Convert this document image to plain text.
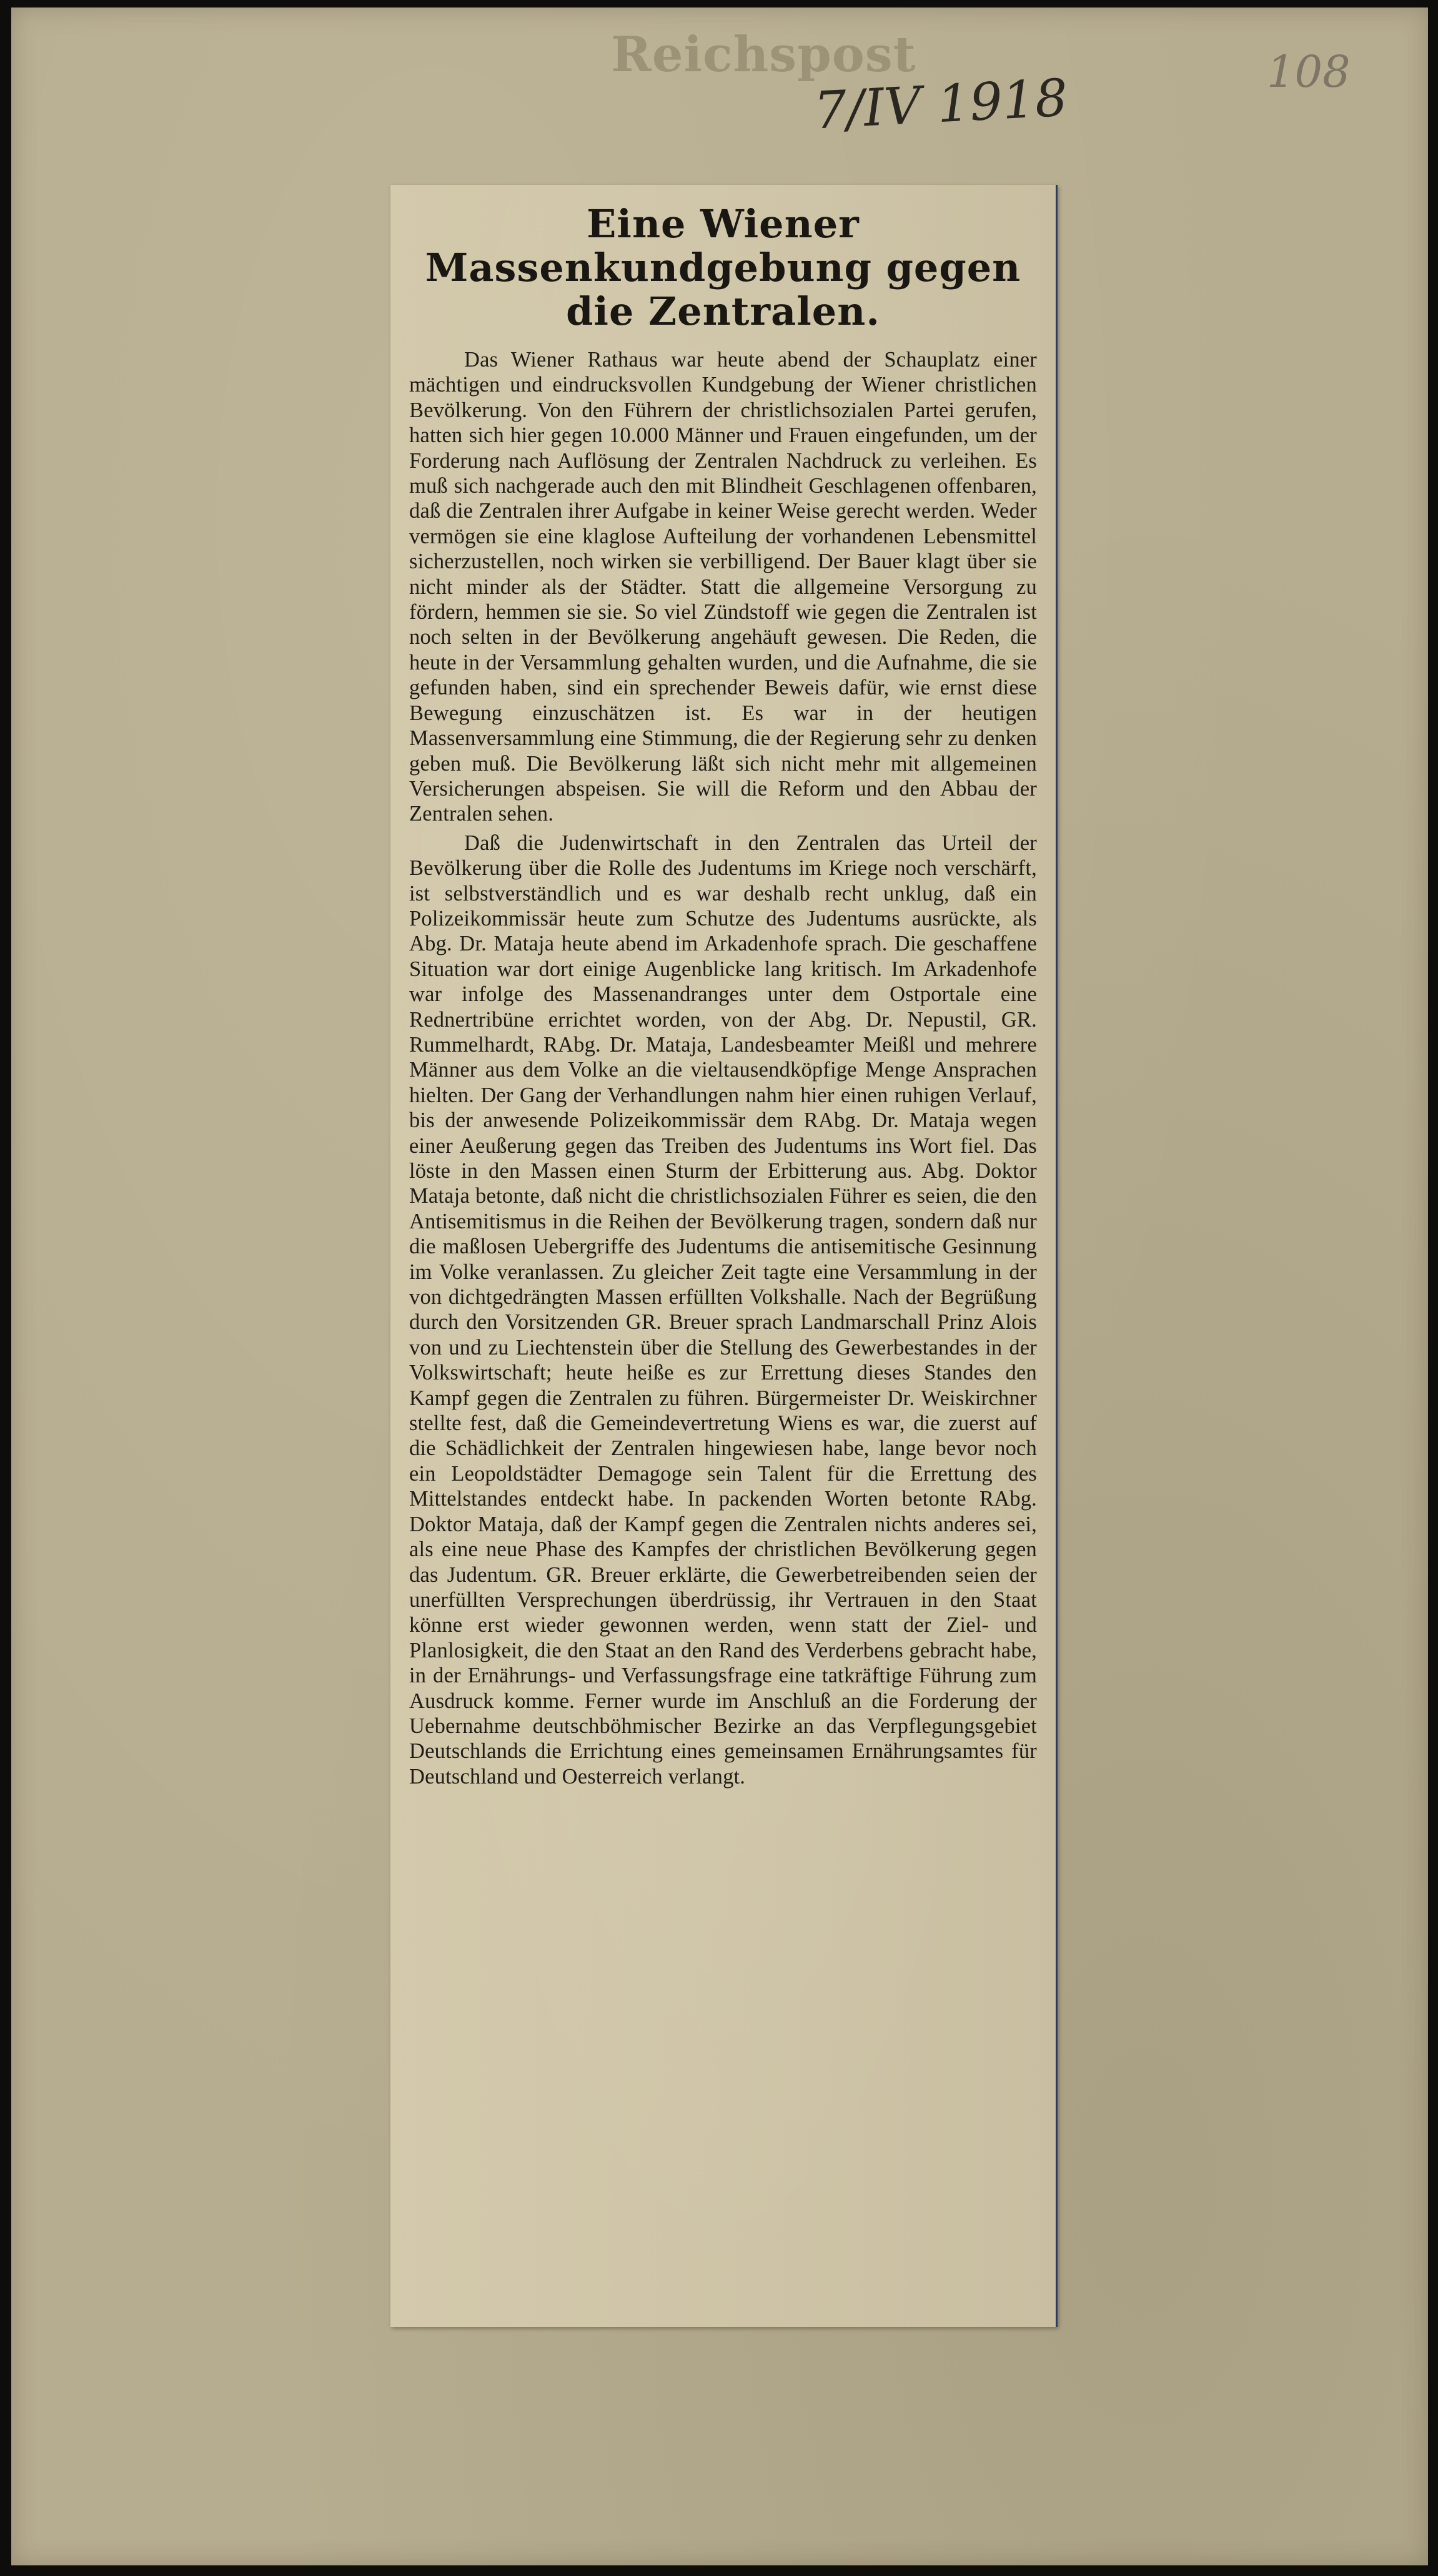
Reichspost
7/IV 1918	108
Eine Wiener Massenkundgebung gegen die Zentralen.

Das Wiener Rathaus war heute abend der Schauplatz einer mächtigen und eindrucksvollen Kundgebung der Wiener christlichen Bevölkerung. Von den Führern der christlichsozialen Partei gerufen, hatten sich hier gegen 10.000 Männer und Frauen eingefunden, um der Forderung nach Auflösung der Zentralen Nachdruck zu verleihen. Es muß sich nachgerade auch den mit Blindheit Geschlagenen offenbaren, daß die Zentralen ihrer Aufgabe in keiner Weise gerecht werden. Weder vermögen sie eine klaglose Aufteilung der vorhandenen Lebensmittel sicherzustellen, noch wirken sie verbilligend. Der Bauer klagt über sie nicht minder als der Städter. Statt die allgemeine Versorgung zu fördern, hemmen sie sie. So viel Zündstoff wie gegen die Zentralen ist noch selten in der Bevölkerung angehäuft gewesen. Die Reden, die heute in der Versammlung gehalten wurden, und die Aufnahme, die sie gefunden haben, sind ein sprechender Beweis dafür, wie ernst diese Bewegung einzuschätzen ist. Es war in der heutigen Massenversammlung eine Stimmung, die der Regierung sehr zu denken geben muß. Die Bevölkerung läßt sich nicht mehr mit allgemeinen Versicherungen abspeisen. Sie will die Reform und den Abbau der Zentralen sehen.

Daß die Judenwirtschaft in den Zentralen das Urteil der Bevölkerung über die Rolle des Judentums im Kriege noch verschärft, ist selbstverständlich und es war deshalb recht unklug, daß ein Polizeikommissär heute zum Schutze des Judentums ausrückte, als Abg. Dr. Mataja heute abend im Arkadenhofe sprach. Die geschaffene Situation war dort einige Augenblicke lang kritisch. Im Arkadenhofe war infolge des Massenandranges unter dem Ostportale eine Rednertribüne errichtet worden, von der Abg. Dr. Nepustil, GR. Rummelhardt, RAbg. Dr. Mataja, Landesbeamter Meißl und mehrere Männer aus dem Volke an die vieltausendköpfige Menge Ansprachen hielten. Der Gang der Verhandlungen nahm hier einen ruhigen Verlauf, bis der anwesende Polizeikommissär dem RAbg. Dr. Mataja wegen einer Aeußerung gegen das Treiben des Judentums ins Wort fiel. Das löste in den Massen einen Sturm der Erbitterung aus. Abg. Doktor Mataja betonte, daß nicht die christlichsozialen Führer es seien, die den Antisemitismus in die Reihen der Bevölkerung tragen, sondern daß nur die maßlosen Uebergriffe des Judentums die antisemitische Gesinnung im Volke veranlassen. Zu gleicher Zeit tagte eine Versammlung in der von dichtgedrängten Massen erfüllten Volkshalle. Nach der Begrüßung durch den Vorsitzenden GR. Breuer sprach Landmarschall Prinz Alois von und zu Liechtenstein über die Stellung des Gewerbestandes in der Volkswirtschaft; heute heiße es zur Errettung dieses Standes den Kampf gegen die Zentralen zu führen. Bürgermeister Dr. Weiskirchner stellte fest, daß die Gemeindevertretung Wiens es war, die zuerst auf die Schädlichkeit der Zentralen hingewiesen habe, lange bevor noch ein Leopoldstädter Demagoge sein Talent für die Errettung des Mittelstandes entdeckt habe. In packenden Worten betonte RAbg. Doktor Mataja, daß der Kampf gegen die Zentralen nichts anderes sei, als eine neue Phase des Kampfes der christlichen Bevölkerung gegen das Judentum. GR. Breuer erklärte, die Gewerbetreibenden seien der unerfüllten Versprechungen überdrüssig, ihr Vertrauen in den Staat könne erst wieder gewonnen werden, wenn statt der Ziel- und Planlosigkeit, die den Staat an den Rand des Verderbens gebracht habe, in der Ernährungs- und Verfassungsfrage eine tatkräftige Führung zum Ausdruck komme. Ferner wurde im Anschluß an die Forderung der Uebernahme deutschböhmischer Bezirke an das Verpflegungsgebiet Deutschlands die Errichtung eines gemeinsamen Ernährungsamtes für Deutschland und Oesterreich verlangt.
